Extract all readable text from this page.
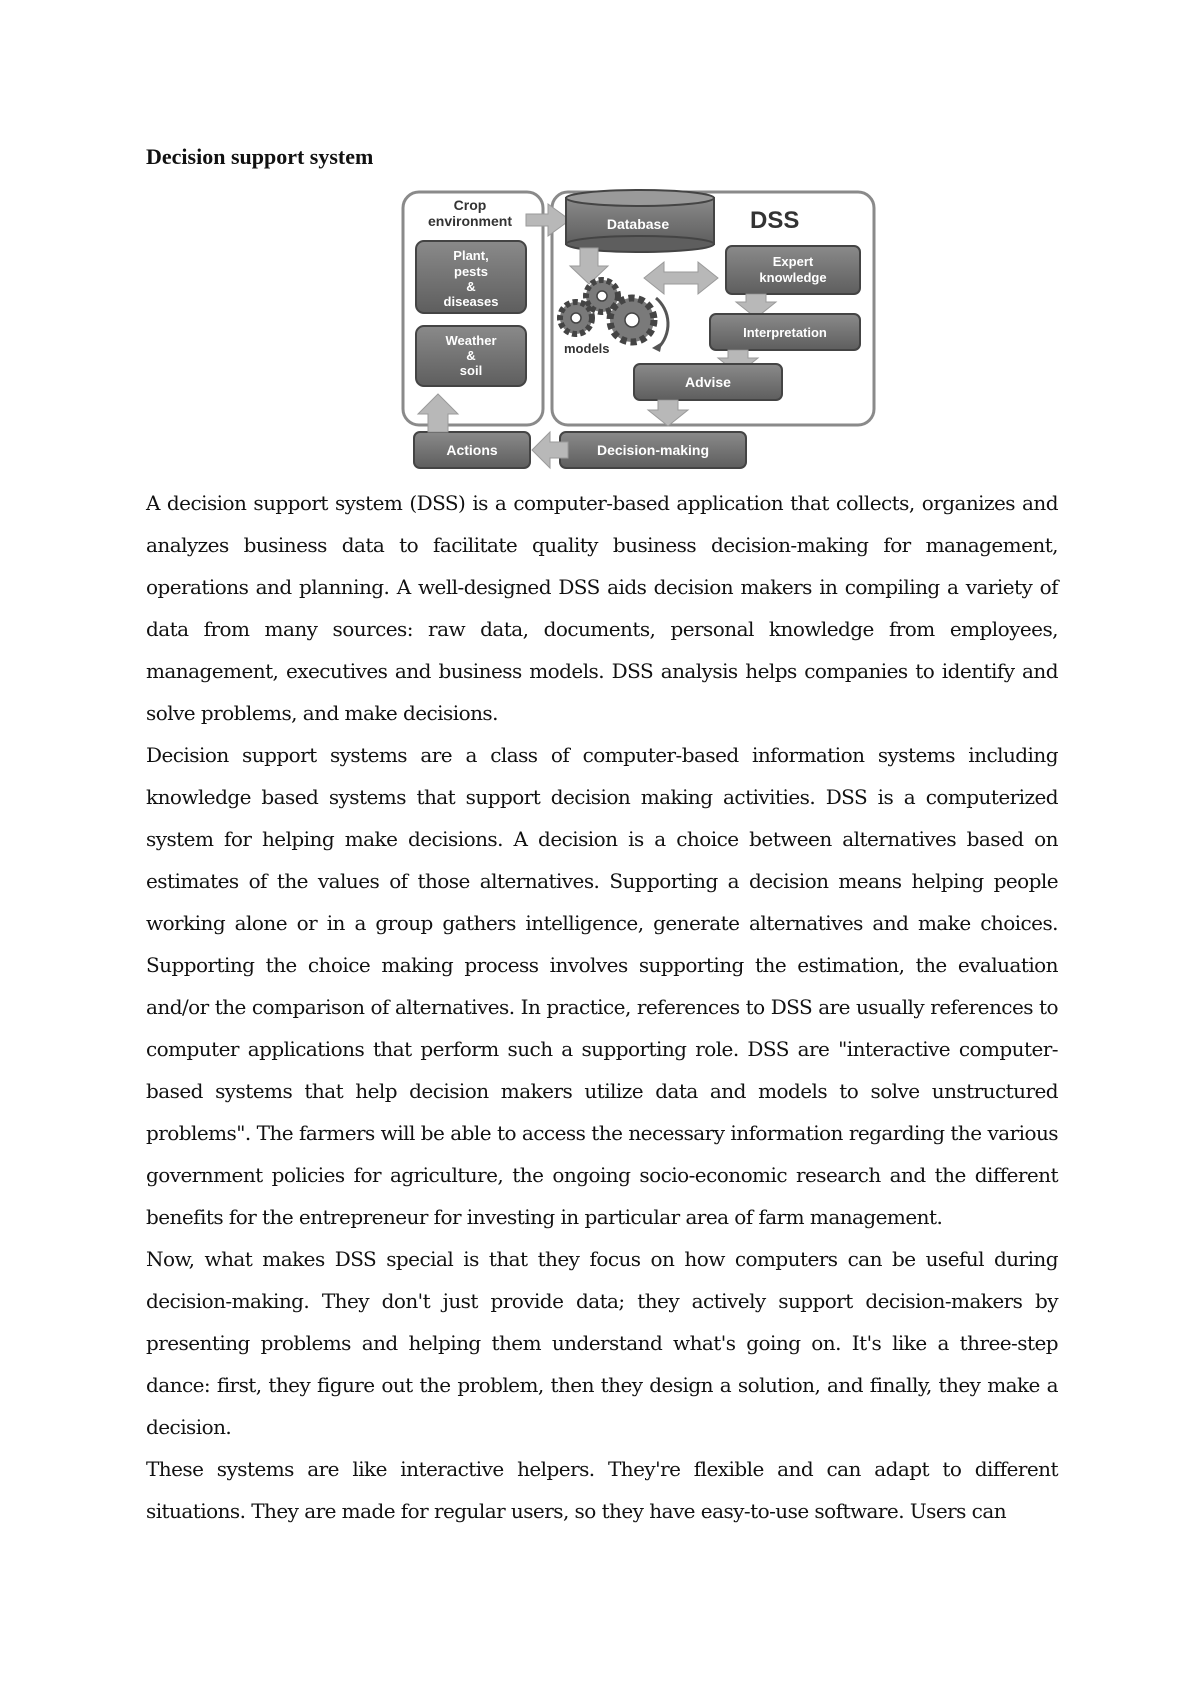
Decision support system
Crop
environment
Plant,
pests
&
diseases
Weather
&
soil
Database	DSS
models
Expert
knowledge
Interpretation
Advise
Decision-making
Actions

A decision support system (DSS) is a computer-based application that collects, organizes and analyzes business data to facilitate quality business decision-making for management, operations and planning. A well-designed DSS aids decision makers in compiling a variety of data from many sources: raw data, documents, personal knowledge from employees, management, executives and business models. DSS analysis helps companies to identify and solve problems, and make decisions.

Decision support systems are a class of computer-based information systems including knowledge based systems that support decision making activities. DSS is a computerized system for helping make decisions. A decision is a choice between alternatives based on estimates of the values of those alternatives. Supporting a decision means helping people working alone or in a group gathers intelligence, generate alternatives and make choices. Supporting the choice making process involves supporting the estimation, the evaluation and/or the comparison of alternatives. In practice, references to DSS are usually references to computer applications that perform such a supporting role. DSS are "interactive computer-based systems that help decision makers utilize data and models to solve unstructured problems". The farmers will be able to access the necessary information regarding the various government policies for agriculture, the ongoing socio-economic research and the different benefits for the entrepreneur for investing in particular area of farm management.

Now, what makes DSS special is that they focus on how computers can be useful during decision-making. They don't just provide data; they actively support decision-makers by presenting problems and helping them understand what's going on. It's like a three-step dance: first, they figure out the problem, then they design a solution, and finally, they make a decision.

These systems are like interactive helpers. They're flexible and can adapt to different situations. They are made for regular users, so they have easy-to-use software. Users can
